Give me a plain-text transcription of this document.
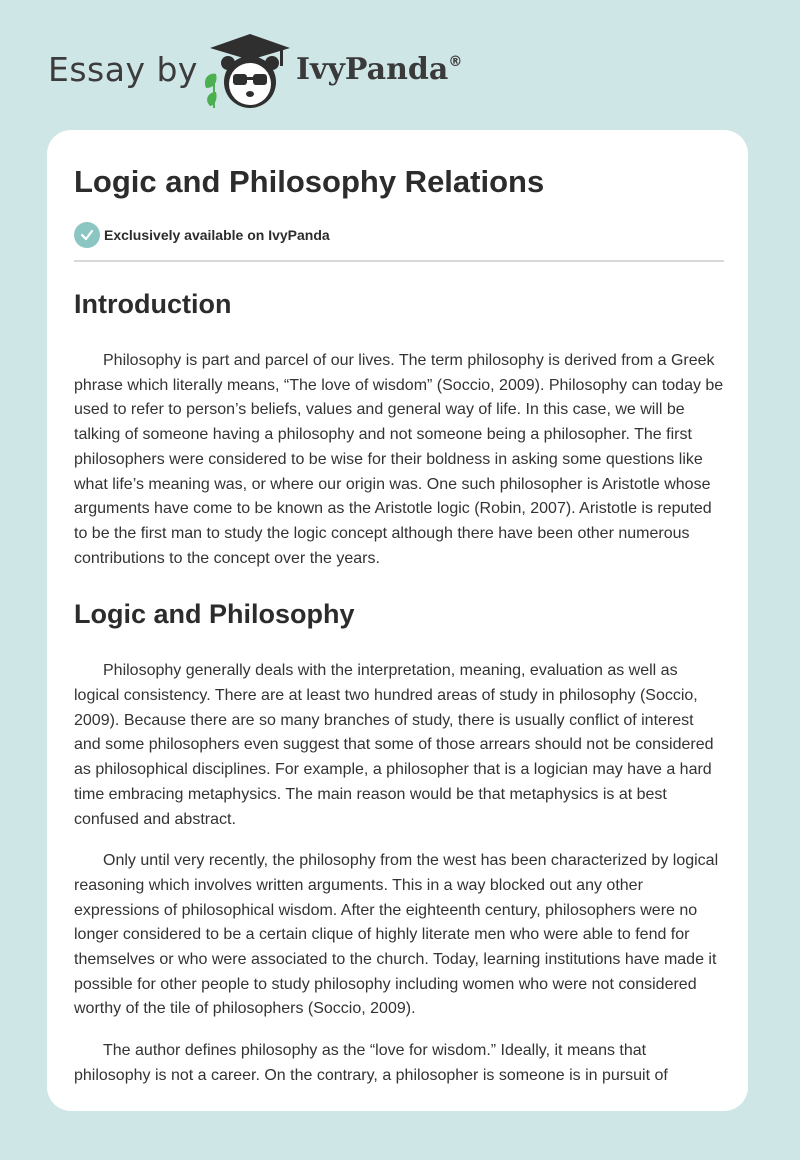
Essay by	IvyPanda®
Logic and Philosophy Relations
Exclusively available on IvyPanda
Introduction

Philosophy is part and parcel of our lives. The term philosophy is derived from a Greek phrase which literally means, “The love of wisdom” (Soccio, 2009). Philosophy can today be used to refer to person’s beliefs, values and general way of life. In this case, we will be talking of someone having a philosophy and not someone being a philosopher. The first philosophers were considered to be wise for their boldness in asking some questions like what life’s meaning was, or where our origin was. One such philosopher is Aristotle whose arguments have come to be known as the Aristotle logic (Robin, 2007). Aristotle is reputed to be the first man to study the logic concept although there have been other numerous contributions to the concept over the years.

Logic and Philosophy

Philosophy generally deals with the interpretation, meaning, evaluation as well as logical consistency. There are at least two hundred areas of study in philosophy (Soccio, 2009). Because there are so many branches of study, there is usually conflict of interest and some philosophers even suggest that some of those arrears should not be considered as philosophical disciplines. For example, a philosopher that is a logician may have a hard time embracing metaphysics. The main reason would be that metaphysics is at best confused and abstract.

Only until very recently, the philosophy from the west has been characterized by logical reasoning which involves written arguments. This in a way blocked out any other expressions of philosophical wisdom. After the eighteenth century, philosophers were no longer considered to be a certain clique of highly literate men who were able to fend for themselves or who were associated to the church. Today, learning institutions have made it possible for other people to study philosophy including women who were not considered worthy of the tile of philosophers (Soccio, 2009).

The author defines philosophy as the “love for wisdom.” Ideally, it means that philosophy is not a career. On the contrary, a philosopher is someone is in pursuit of
